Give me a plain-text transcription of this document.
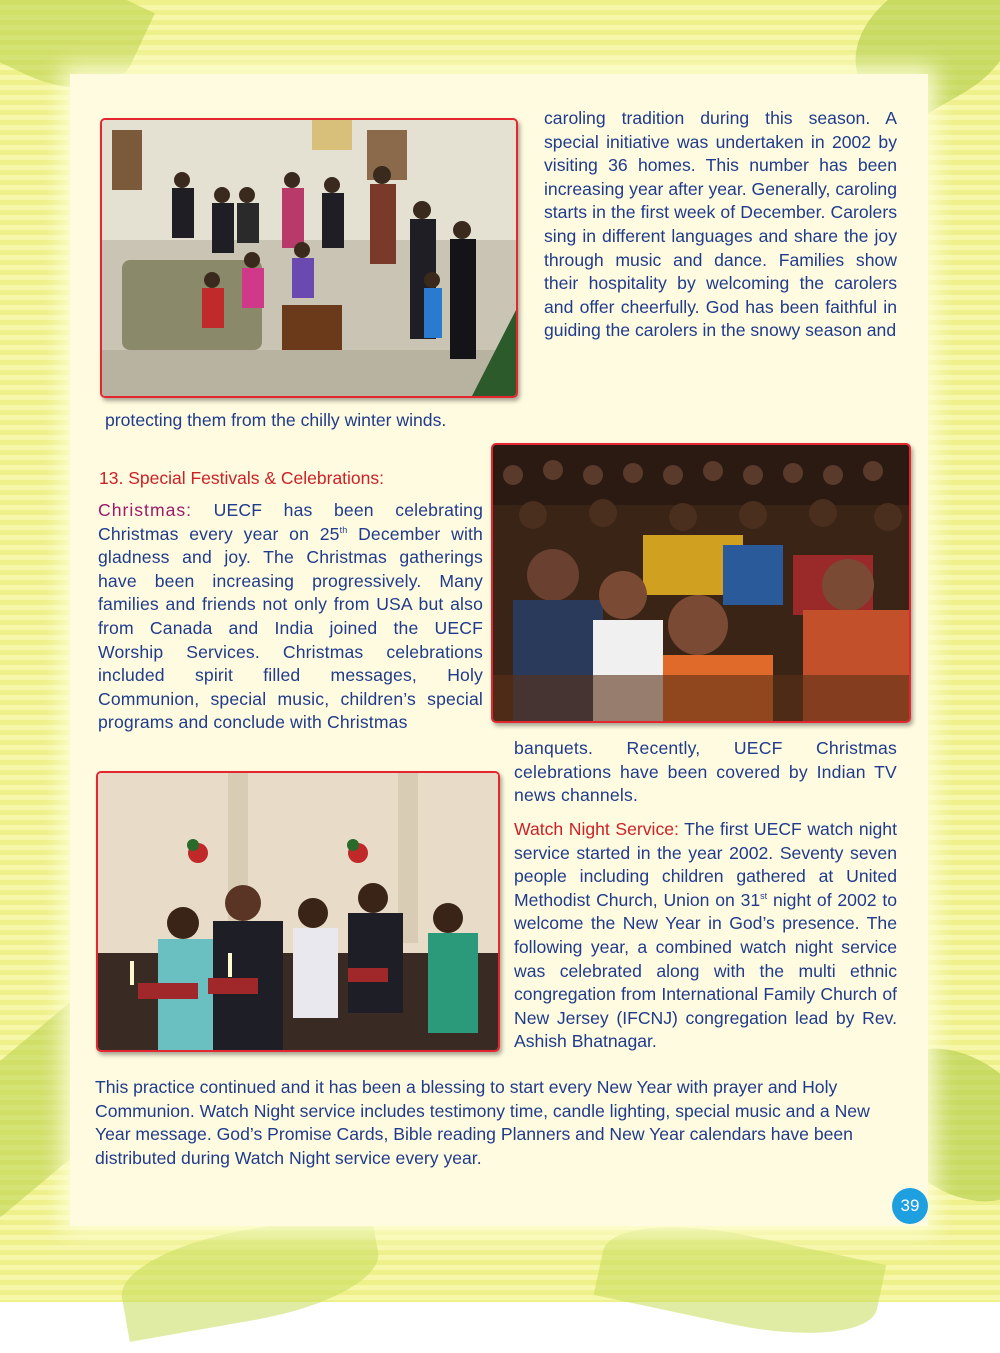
caroling tradition during this season. A special initiative was undertaken in 2002 by visiting 36 homes. This number has been increasing year after year. Generally, caroling starts in the first week of December. Carolers sing in different languages and share the joy through music and dance. Families show their hospitality by welcoming the carolers and offer cheerfully. God has been faithful in guiding the carolers in the snowy season and

protecting them from the chilly winter winds.

13. Special Festivals & Celebrations:

Christmas: UECF has been celebrating Christmas every year on 25th December with gladness and joy. The Christmas gatherings have been increasing progressively. Many families and friends not only from USA but also from Canada and India joined the UECF Worship Services. Christmas celebrations included spirit filled messages, Holy Communion, special music, children’s special programs and conclude with Christmas

banquets. Recently, UECF Christmas celebrations have been covered by Indian TV news channels.

Watch Night Service: The first UECF watch night service started in the year 2002. Seventy seven people including children gathered at United Methodist Church, Union on 31st night of 2002 to welcome the New Year in God’s presence. The following year, a combined watch night service was celebrated along with the multi ethnic congregation from International Family Church of New Jersey (IFCNJ) congregation lead by Rev. Ashish Bhatnagar.

This practice continued and it has been a blessing to start every New Year with prayer and Holy Communion. Watch Night service includes testimony time, candle lighting, special music and a New Year message. God’s Promise Cards, Bible reading Planners and New Year calendars have been distributed during Watch Night service every year.

39
